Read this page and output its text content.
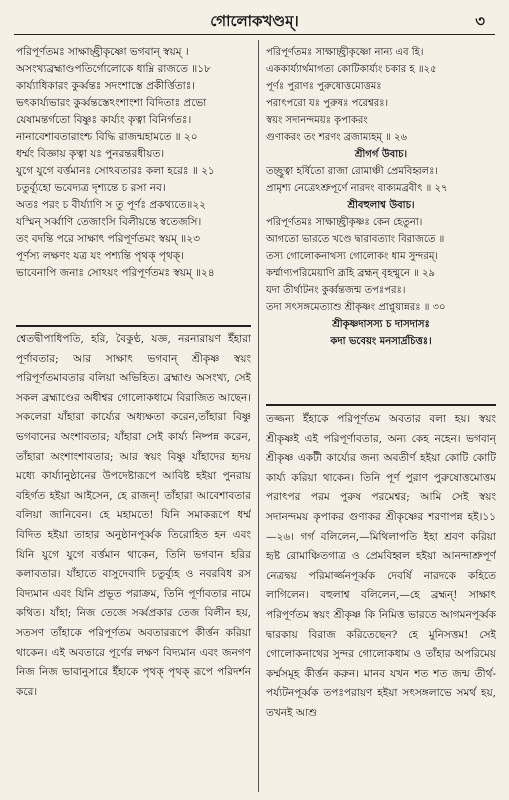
গোলোকখণ্ডম্‌।	৩
পরিপূর্ণতমঃ সাক্ষাচ্ছ্রীকৃষ্ণো ভগবান্‌ স্বয়ম্‌ ।
অসংখ্যব্রহ্মাণ্ডপতির্গোলোকে ধাম্নি রাজতে ॥১৮
কার্য্যাধিকারং কুর্ব্বন্তঃ সদংশাস্তে প্রকীর্ত্তিতাঃ।
ভৎকার্য্যভারং কুর্ব্বন্তস্তেঽংশাংশা বিদিতাঃ প্রভো
যেষামন্তর্গতো বিষ্ণুঃ কার্য্যং কৃত্বা বিনির্গতঃ।
নানাবেশাবতারাংশ্চ বিদ্ধি রাজন্মহামতে ॥ ২০
ধর্ম্মং বিজ্ঞায় কৃত্বা যঃ পুনরন্তরধীয়ত।
যুগে যুগে বর্ত্তমানঃ সোঽবতারঃ কলা হরেঃ ॥ ২১
চতুর্ব্যূহো ভবেদ্যত্র দৃশ্যন্তে চ রসা নব।
অতঃ পরং চ বীর্য্যাণি স তু পূর্ণঃ প্রকথ্যতে॥২২
যস্মিন্‌ সর্ব্বাণি তেজাংসি বিলীয়ন্তে স্বতেজসি।
তং বদন্তি পরে সাক্ষাৎ পরিপূর্ণতমং স্বয়ম্‌ ॥২৩
পূর্ণস্য লক্ষণং যত্র যং পশ্যন্তি পৃথক্‌ পৃথক্‌।
ভাবেনাপি জনাঃ সোঽয়ং পরিপূর্ণতমঃ স্বয়ম্‌ ॥২৪
পরিপূর্ণতমঃ সাক্ষাচ্ছ্রীকৃষ্ণো নান্য এব হি।
এককার্য্যার্থমাগত্য কোটিকার্য্যং চকার হ ॥২৫
পূর্ণঃ পুরাণঃ পুরুষোত্তমোত্তমঃ
পরাৎপরো যঃ পুরুষঃ পরেশ্বরঃ।
স্বয়ং সদানন্দময়ঃ কৃপাকরং
গুণাকরং তং শরণং ব্রজাম্যহম্‌ ॥ ২৬
শ্রীগর্গ উবাচ।
তচ্ছ্রুত্বা হর্ষিতো রাজা রোমাঞ্চী প্রেমবিহ্বলঃ।
প্রামৃশ্য নেত্রেঽশ্রুপূর্ণে নারদং বাক্যমব্রবীৎ ॥ ২৭
শ্রীবহুলাশ্ব উবাচ।
পরিপূর্ণতমঃ সাক্ষাচ্ছ্রীকৃষ্ণঃ কেন হেতুনা।
আগতো ভারতে খণ্ডে দ্বারাবত্যাং বিরাজতে ॥
তস্য গোলোকনাথস্য গোলোকং ধাম সুন্দরম্‌।
কর্ম্মাণ্যপরিমেয়াণি ব্রূহি ব্রহ্মন্‌ বৃহন্মুনে ॥ ২৯
যদা তীর্থাটনং কুর্ব্বন্তজন্ম তপঃপরঃ।
তদা সৎসঙ্গমেত্যাশু শ্রীকৃষ্ণং প্রাপ্নুয়ান্নরঃ ॥ ৩০
শ্রীকৃষ্ণদাসস্য চ দাসদাসঃ
কদা ভবেয়ং মনসার্দ্রচিত্তঃ।
শ্বেতদ্বীপাধিপতি, হরি, বৈকুণ্ঠ, যজ্ঞ, নরনারায়ণ ইঁহারা পূর্ণাবতার; আর সাক্ষাৎ ভগবান্‌ শ্রীকৃষ্ণ স্বয়ং পরিপূর্ণতমাবতার বলিয়া অভিহিত। ব্রহ্মাণ্ড অসংখ্য, সেই সকল ব্রহ্মাণ্ডের অধীশ্বর গোলোকধামে বিরাজিত আছেন। সকলেরা যাঁহারা কার্য্যের অধ্যক্ষতা করেন,তাঁহারা বিষ্ণু ভগবানের অংশাবতার; যাঁহারা সেই কার্য্য নিষ্পন্ন করেন, তাঁহারা অংশাংশাবতার; আর স্বয়ং বিষ্ণু যাঁহাদের হৃদয় মধ্যে কার্য্যানুষ্ঠানের উপদেষ্টারূপে আবিষ্ট হইয়া পুনরায় বহির্গত হইয়া আইসেন, হে রাজন্‌! তাঁহারা আবেশাবতার বলিয়া জানিবেন। হে মহামতে! যিনি সমাকরূপে ধর্ম্ম বিদিত হইয়া তাহার অনুষ্ঠানপূর্ব্বক তিরোহিত হন এবং যিনি যুগে যুগে বর্ত্তমান থাকেন, তিনি ভগবান হরির কলাবতার। যাঁহাতে বাসুদেবাদি চতুর্ব্যূহ ও নবরবিধ রস বিদ্যমান এবং যিনি প্রভূত পরাক্রম, তিনি পূর্ণাবতার নামে কথিত। যাঁহা; নিজ তেজে সর্ব্বপ্রকার তেজ বিলীন হয়, সতসণ তাঁহাকে পরিপূর্ণতম অবতাররূপে কীর্ত্তন করিয়া থাকেন। এই অবতারে পূর্ণের লক্ষণ বিদ্যমান এবং জনগণ নিজ নিজ ভাবানুসারে ইঁহাকে পৃথক্‌ পৃথক্‌ রূপে পরিদর্শন করে।
তজ্জন্য ইঁহাকে পরিপূর্ণতম অবতার বলা হয়। স্বয়ং শ্রীকৃষ্ণই এই পরিপূর্ণাবতার, অন্য কেহ নহেন। ভগবান্‌ শ্রীকৃষ্ণ একটী কার্য্যের জন্য অবতীর্ণ হইয়া কোটি কোটি কার্য্য করিয়া থাকেন। তিনি পূর্ণ পুরাণ পুরুষোত্তমোত্তম পরাৎপর পরম পুরুষ পরমেশ্বর; আমি সেই স্বয়ং সদানন্দময় কৃপাকর গুণাকর শ্রীকৃষ্ণের শরণাপন্ন হই।১১—২৬। গর্গ বলিলেন,—মিথিলাপতি ইহা শ্রবণ করিয়া হৃষ্ট রোমাঞ্চিতগাত্র ও প্রেমবিহ্বল হইয়া আনন্দাশ্রুপূর্ণ নেত্রদ্বয় পরিমার্জ্জনপূর্ব্বক দেবর্ষি নারদকে কহিতে লাগিলেন। বহুলাশ্ব বলিলেন,—হে ব্রহ্মন্‌! সাক্ষাৎ পরিপূর্ণতম স্বয়ং শ্রীকৃষ্ণ কি নিমিত্ত ভারতে আগমনপূর্ব্বক দ্বারকায় বিরাজ করিতেছেন? হে মুনিসত্তম! সেই গোলোকনাথের সুন্দর গোলোকধাম ও তাঁহার অপরিমেয় কর্ম্মসমূহ কীর্ত্তন করুন। মানব যখন শত শত জন্ম তীর্থ-পর্য্যটনপূর্ব্বক তপঃপরায়ণ হইয়া সৎসঙ্গলাভে সমর্থ হয়, তখনই আশু
